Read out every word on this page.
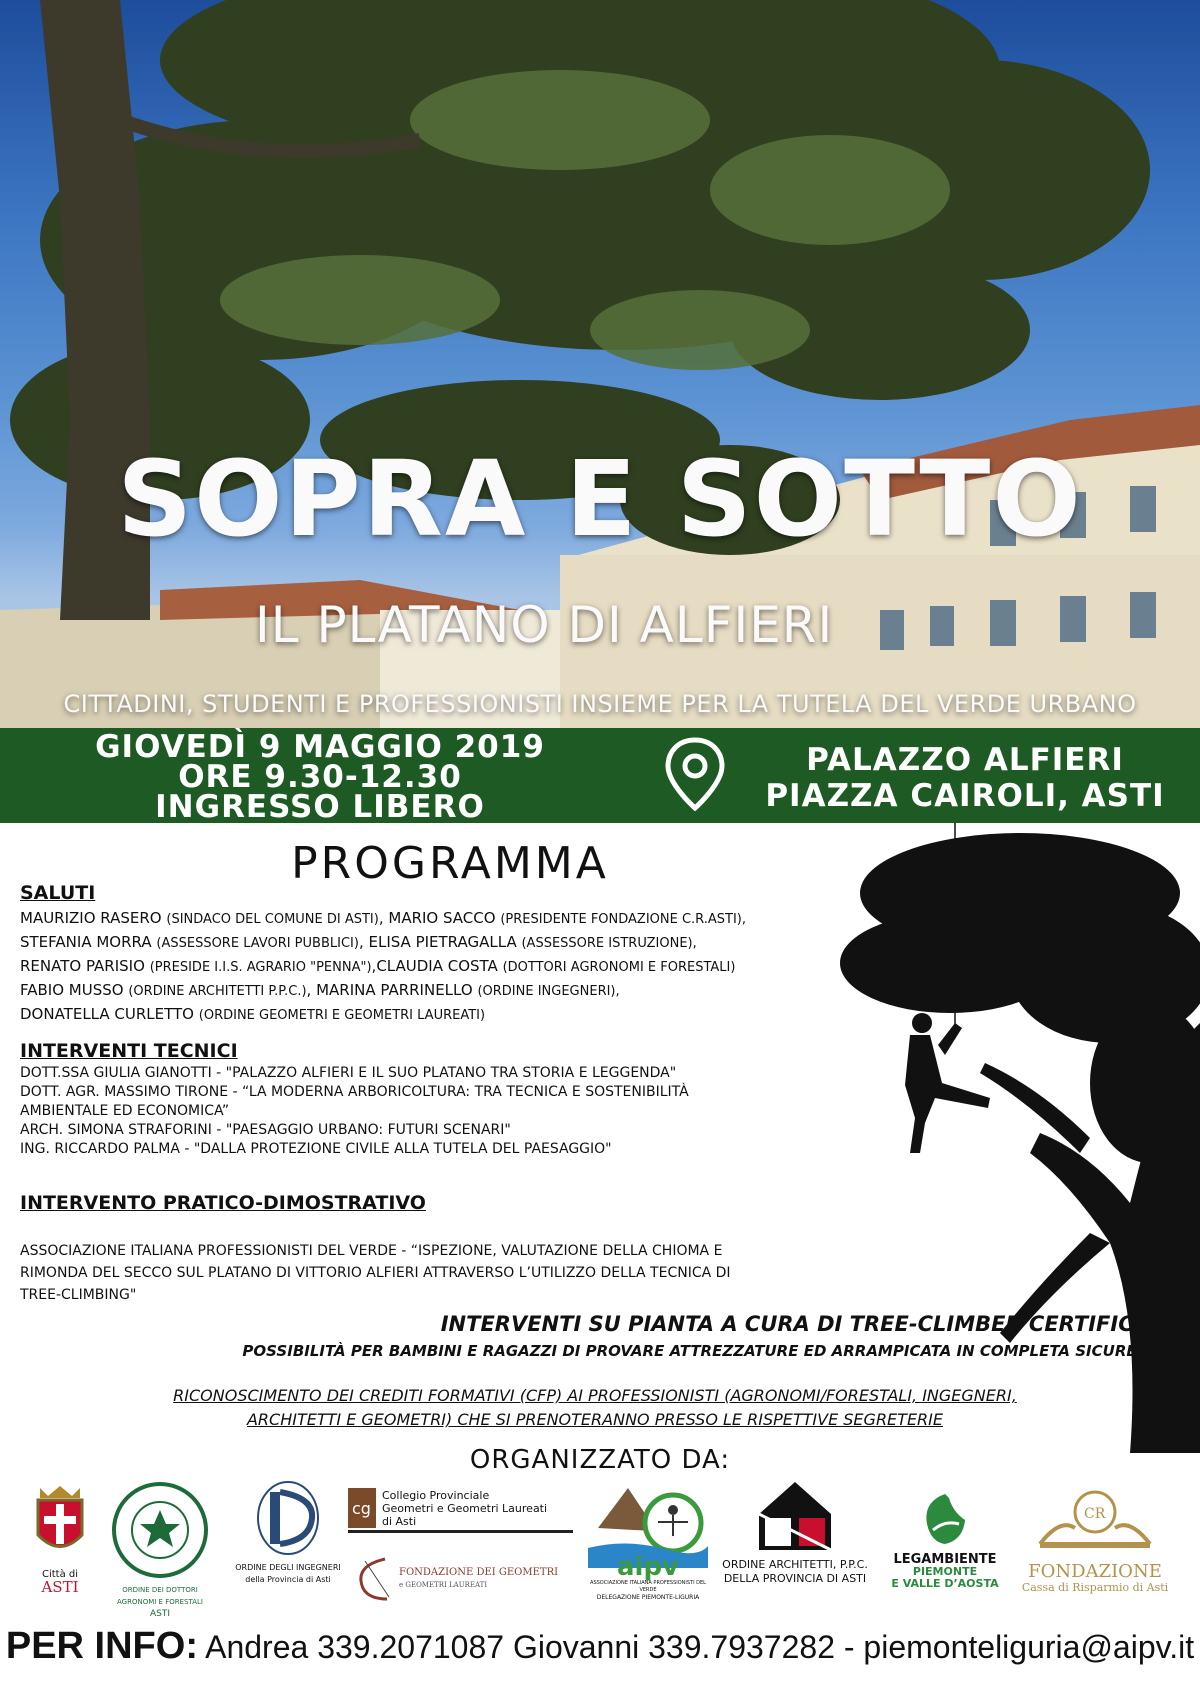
SOPRA E SOTTO
IL PLATANO DI ALFIERI
CITTADINI, STUDENTI E PROFESSIONISTI INSIEME PER LA TUTELA DEL VERDE URBANO
GIOVEDÌ 9 MAGGIO 2019
ORE 9.30-12.30
INGRESSO LIBERO
PALAZZO ALFIERI
PIAZZA CAIROLI, ASTI
PROGRAMMA
SALUTI
MAURIZIO RASERO (SINDACO DEL COMUNE DI ASTI), MARIO SACCO (PRESIDENTE FONDAZIONE C.R.ASTI),
STEFANIA MORRA (ASSESSORE LAVORI PUBBLICI), ELISA PIETRAGALLA (ASSESSORE ISTRUZIONE),
RENATO PARISIO (PRESIDE I.I.S. AGRARIO "PENNA"),CLAUDIA COSTA (DOTTORI AGRONOMI E FORESTALI)
FABIO MUSSO (ORDINE ARCHITETTI P.P.C.), MARINA PARRINELLO (ORDINE INGEGNERI),
DONATELLA CURLETTO (ORDINE GEOMETRI E GEOMETRI LAUREATI)
INTERVENTI TECNICI
DOTT.SSA GIULIA GIANOTTI - "PALAZZO ALFIERI E IL SUO PLATANO TRA STORIA E LEGGENDA"
DOTT. AGR. MASSIMO TIRONE - “LA MODERNA ARBORICOLTURA: TRA TECNICA E SOSTENIBILITÀ
AMBIENTALE ED ECONOMICA”
ARCH. SIMONA STRAFORINI - "PAESAGGIO URBANO: FUTURI SCENARI"
ING. RICCARDO PALMA - "DALLA PROTEZIONE CIVILE ALLA TUTELA DEL PAESAGGIO"
INTERVENTO PRATICO-DIMOSTRATIVO
ASSOCIAZIONE ITALIANA PROFESSIONISTI DEL VERDE - “ISPEZIONE, VALUTAZIONE DELLA CHIOMA E
RIMONDA DEL SECCO SUL PLATANO DI VITTORIO ALFIERI ATTRAVERSO L’UTILIZZO DELLA TECNICA DI
TREE-CLIMBING"
INTERVENTI SU PIANTA A CURA DI TREE-CLIMBER CERTIFICATI
POSSIBILITÀ PER BAMBINI E RAGAZZI DI PROVARE ATTREZZATURE ED ARRAMPICATA IN COMPLETA SICUREZZA
RICONOSCIMENTO DEI CREDITI FORMATIVI (CFP) AI PROFESSIONISTI (AGRONOMI/FORESTALI, INGEGNERI,
ARCHITETTI E GEOMETRI) CHE SI PRENOTERANNO PRESSO LE RISPETTIVE SEGRETERIE
ORGANIZZATO DA:
Città di
ASTI	ORDINE DEI DOTTORI AGRONOMI E FORESTALI
ASTI
ORDINE DEGLI INGEGNERI
della Provincia di Asti
cg
Collegio Provinciale
Geometri e Geometri Laureati
di Asti
FONDAZIONE DEI GEOMETRI
e GEOMETRI LAUREATI
aipv
ASSOCIAZIONE ITALIANA PROFESSIONISTI DEL VERDE
DELEGAZIONE PIEMONTE-LIGURIA
ORDINE ARCHITETTI, P.P.C.
DELLA PROVINCIA DI ASTI
LEGAMBIENTE
PIEMONTE
E VALLE D’AOSTA
CR
FONDAZIONE
Cassa di Risparmio di Asti
PER INFO: Andrea 339.2071087 Giovanni 339.7937282 - piemonteliguria@aipv.it
